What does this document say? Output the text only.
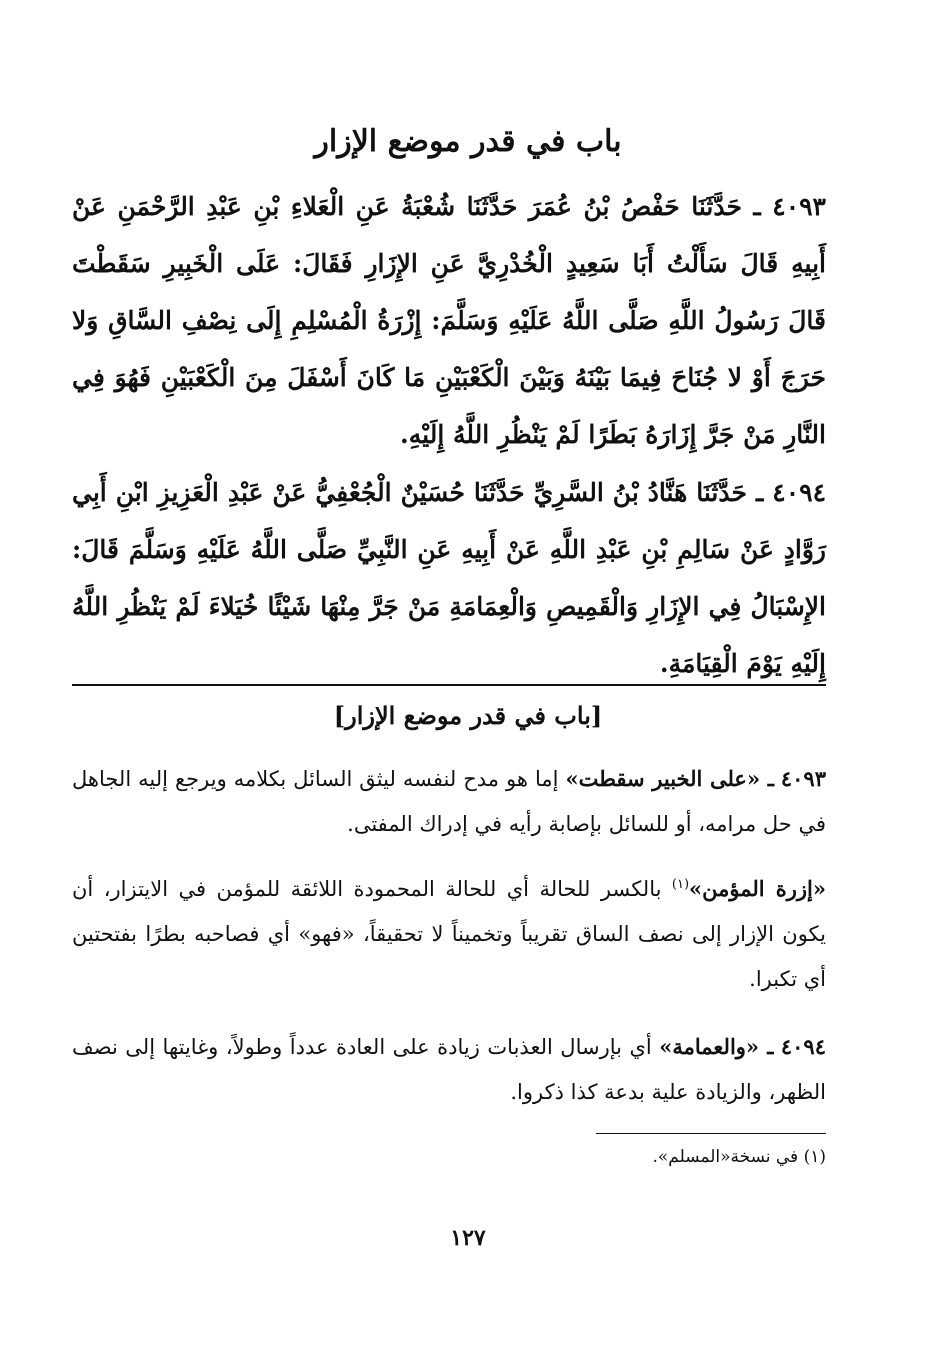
باب في قدر موضع الإزار
٤٠٩٣ ـ حَدَّثَنَا حَفْصُ بْنُ عُمَرَ حَدَّثَنَا شُعْبَةُ عَنِ الْعَلاءِ بْنِ عَبْدِ الرَّحْمَنِ عَنْ أَبِيهِ قَالَ سَأَلْتُ أَبَا سَعِيدٍ الْخُدْرِيَّ عَنِ الإِزَارِ فَقَالَ: عَلَى الْخَبِيرِ سَقَطْتَ قَالَ رَسُولُ اللَّهِ صَلَّى اللَّهُ عَلَيْهِ وَسَلَّمَ: إِزْرَةُ الْمُسْلِمِ إِلَى نِصْفِ السَّاقِ وَلا حَرَجَ أَوْ لا جُنَاحَ فِيمَا بَيْنَهُ وَبَيْنَ الْكَعْبَيْنِ مَا كَانَ أَسْفَلَ مِنَ الْكَعْبَيْنِ فَهُوَ فِي النَّارِ مَنْ جَرَّ إِزَارَهُ بَطَرًا لَمْ يَنْظُرِ اللَّهُ إِلَيْهِ.
٤٠٩٤ ـ حَدَّثَنَا هَنَّادُ بْنُ السَّرِيِّ حَدَّثَنَا حُسَيْنٌ الْجُعْفِيُّ عَنْ عَبْدِ الْعَزِيزِ ابْنِ أَبِي رَوَّادٍ عَنْ سَالِمِ بْنِ عَبْدِ اللَّهِ عَنْ أَبِيهِ عَنِ النَّبِيِّ صَلَّى اللَّهُ عَلَيْهِ وَسَلَّمَ قَالَ: الإِسْبَالُ فِي الإِزَارِ وَالْقَمِيصِ وَالْعِمَامَةِ مَنْ جَرَّ مِنْهَا شَيْئًا خُيَلاءَ لَمْ يَنْظُرِ اللَّهُ إِلَيْهِ يَوْمَ الْقِيَامَةِ.
[باب في قدر موضع الإزار]
٤٠٩٣ ـ «على الخبير سقطت» إما هو مدح لنفسه ليثق السائل بكلامه ويرجع إليه الجاهل في حل مرامه، أو للسائل بإصابة رأيه في إدراك المفتى.
«إزرة المؤمن»$^{(١)}$ بالكسر للحالة أي للحالة المحمودة اللائقة للمؤمن في الايتزار، أن يكون الإزار إلى نصف الساق تقريباً وتخميناً لا تحقيقاً، «فهو» أي فصاحبه بطرًا بفتحتين أي تكبرا.
٤٠٩٤ ـ «والعمامة» أي بإرسال العذبات زيادة على العادة عدداً وطولاً، وغايتها إلى نصف الظهر، والزيادة علية بدعة كذا ذكروا.
(١) في نسخة«المسلم».
١٢٧
